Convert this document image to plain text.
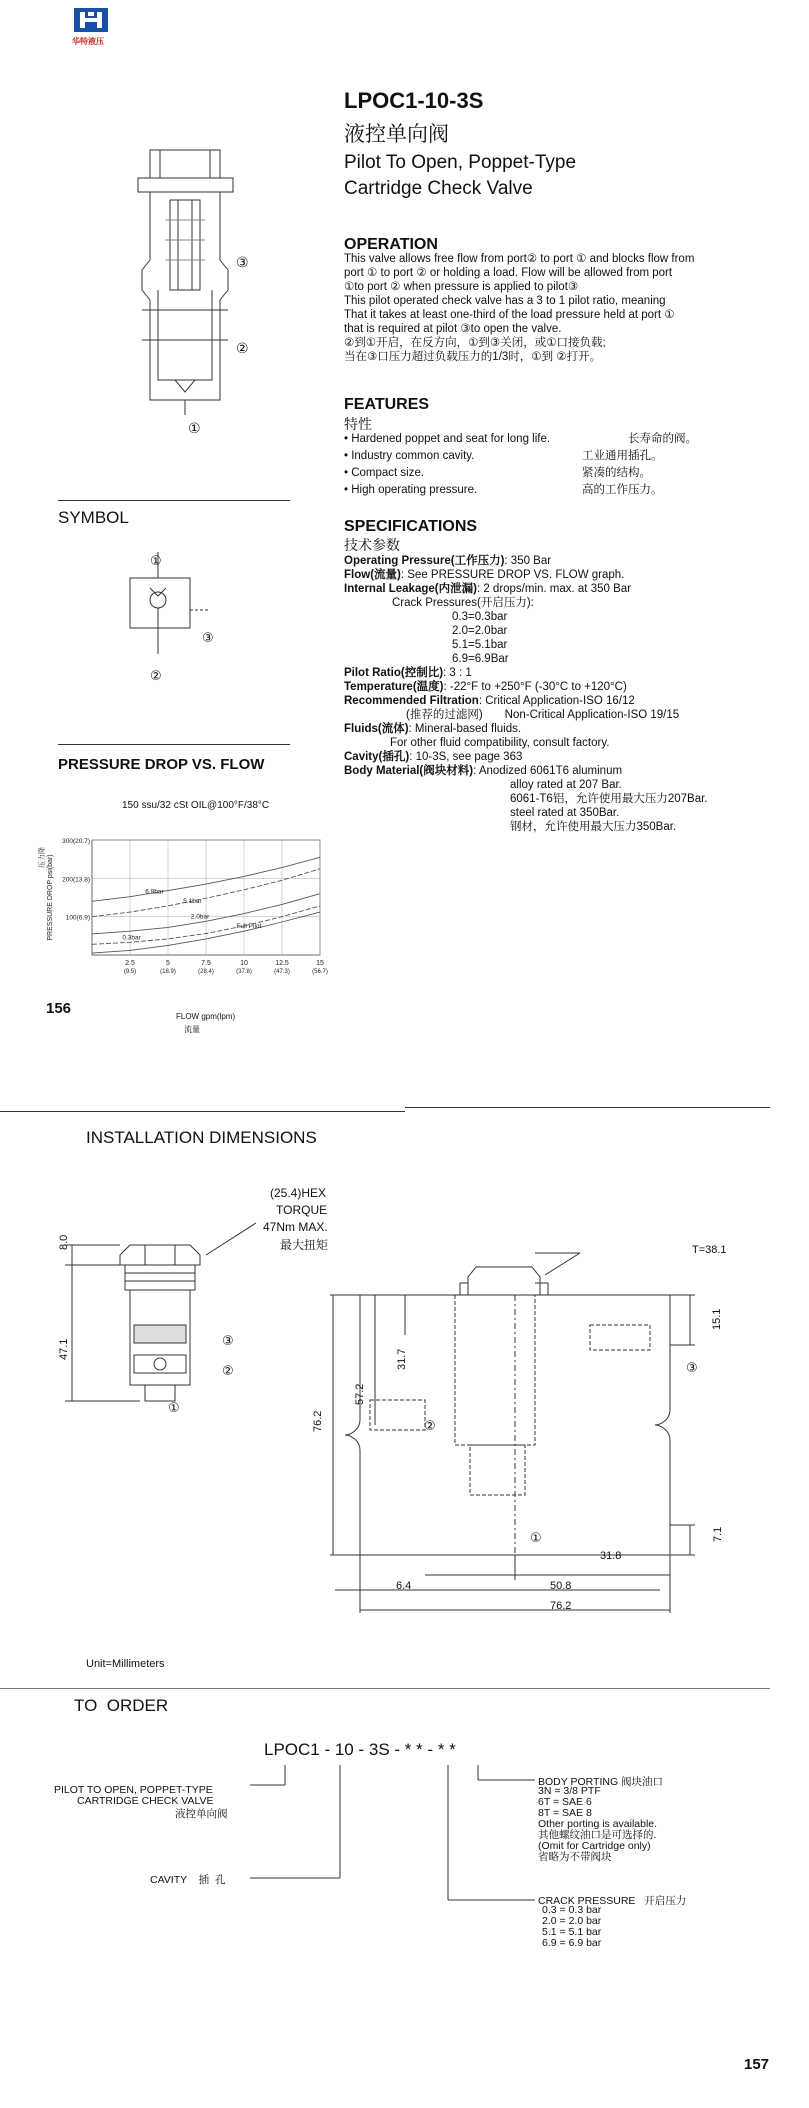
华特液压
LPOC1-10-3S
液控单向阀
Pilot To Open, Poppet-Type
Cartridge Check Valve
③
②
①
SYMBOL
①
③
②
PRESSURE DROP VS. FLOW
150 ssu/32 cSt OIL@100°F/38°C
2.5
(9.5)
5
(18.9)
7.5
(28.4)
10
(37.8)
12.5
(47.3)
15
(56.7)
100(6.9)
200(13.8)
300(20.7)
PRESSURE DROP psi(bar)
压力降
6.9bar
5.1bar
2.0bar
0.3bar
Full Pilot
FLOW gpm(lpm)
流量
156
OPERATION
This valve allows free flow from port② to port ① and blocks flow from
port ① to port ② or holding a load. Flow will be allowed from port
①to port ② when pressure is applied to pilot③
This pilot operated check valve has a 3 to 1 pilot ratio, meaning
That it takes at least one-third of the load pressure held at port ①
that is required at pilot ③to open the valve.
②到①开启，在反方向，①到③关闭，或①口接负载;
当在③口压力超过负载压力的1/3时，①到 ②打开。
FEATURES
特性
• Hardened poppet and seat for long life.	长寿命的阀。
• Industry common cavity.	工业通用插孔。
• Compact size.	紧凑的结构。
• High operating pressure.	高的工作压力。
SPECIFICATIONS
技术参数
Operating Pressure(工作压力): 350 Bar
Flow(流量): See PRESSURE DROP VS. FLOW graph.
Internal Leakage(内泄漏): 2 drops/min. max. at 350 Bar
Crack Pressures(开启压力):
0.3=0.3bar
2.0=2.0bar
5.1=5.1bar
6.9=6.9Bar
Pilot Ratio(控制比): 3 : 1
Temperature(温度): -22°F to +250°F (-30°C to +120°C)
Recommended Filtration: Critical Application-ISO 16/12
(推荐的过滤网) Non-Critical Application-ISO 19/15
Fluids(流体): Mineral-based fluids.
For other fluid compatibility, consult factory.
Cavity(插孔): 10-3S, see page 363
Body Material(阀块材料): Anodized 6061T6 aluminum
alloy rated at 207 Bar.
6061-T6铝，允许使用最大压力207Bar.
steel rated at 350Bar.
钢材，允许使用最大压力350Bar.
INSTALLATION DIMENSIONS
(25.4)HEX
TORQUE
47Nm MAX.
最大扭矩
8.0
47.1	③
②
①
T=38.1
15.1
31.7
57.2
76.2
7.1
③
②
①
31.8
6.4	50.8
76.2
Unit=Millimeters
TO  ORDER
LPOC1 - 10 - 3S - * * - * *
PILOT TO OPEN, POPPET-TYPE
CARTRIDGE CHECK VALVE
液控单向阀
CAVITY    插  孔
BODY PORTING 阀块油口
3N = 3/8 PTF
6T = SAE 6
8T = SAE 8
Other porting is available.
其他螺纹油口是可选择的.
(Omit for Cartridge only)
省略为不带阀块
CRACK PRESSURE   开启压力
0.3 = 0.3 bar
2.0 = 2.0 bar
5.1 = 5.1 bar
6.9 = 6.9 bar
157
